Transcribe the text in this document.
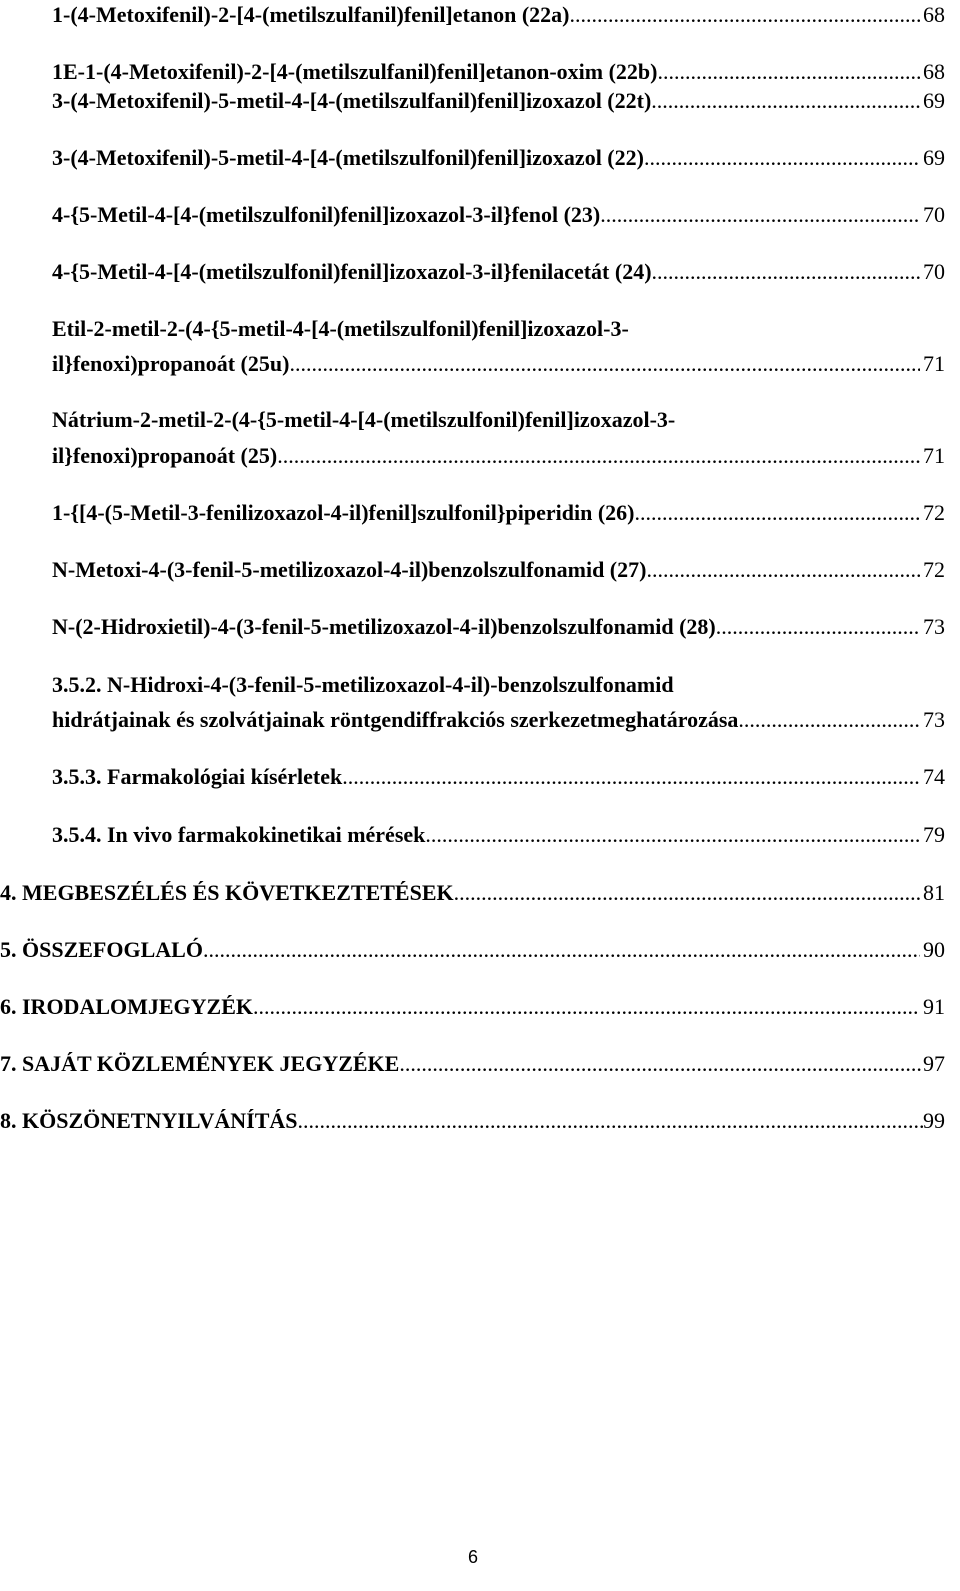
1-(4-Metoxifenil)-2-[4-(metilszulfanil)fenil]etanon (22a) .....	68
1E-1-(4-Metoxifenil)-2-[4-(metilszulfanil)fenil]etanon-oxim (22b) .....	68
3-(4-Metoxifenil)-5-metil-4-[4-(metilszulfanil)fenil]izoxazol (22t) .....	69
3-(4-Metoxifenil)-5-metil-4-[4-(metilszulfonil)fenil]izoxazol (22) .....	69
4-{5-Metil-4-[4-(metilszulfonil)fenil]izoxazol-3-il}fenol (23) .....	70
4-{5-Metil-4-[4-(metilszulfonil)fenil]izoxazol-3-il}fenilacetát (24) .....	70
Etil-2-metil-2-(4-{5-metil-4-[4-(metilszulfonil)fenil]izoxazol-3-
il}fenoxi)propanoát (25u) .....	71
Nátrium-2-metil-2-(4-{5-metil-4-[4-(metilszulfonil)fenil]izoxazol-3-
il}fenoxi)propanoát (25) .....	71
1-{[4-(5-Metil-3-fenilizoxazol-4-il)fenil]szulfonil}piperidin (26) .....	72
N-Metoxi-4-(3-fenil-5-metilizoxazol-4-il)benzolszulfonamid (27) .....	72
N-(2-Hidroxietil)-4-(3-fenil-5-metilizoxazol-4-il)benzolszulfonamid (28) .....	73
3.5.2. N-Hidroxi-4-(3-fenil-5-metilizoxazol-4-il)-benzolszulfonamid
hidrátjainak és szolvátjainak röntgendiffrakciós szerkezetmeghatározása .....	73
3.5.3. Farmakológiai kísérletek .....	74
3.5.4. In vivo farmakokinetikai mérések .....	79
4. MEGBESZÉLÉS ÉS KÖVETKEZTETÉSEK .....	81
5. ÖSSZEFOGLALÓ .....	90
6. IRODALOMJEGYZÉK .....	91
7. SAJÁT KÖZLEMÉNYEK JEGYZÉKE .....	97
8. KÖSZÖNETNYILVÁNÍTÁS .....	99
6
